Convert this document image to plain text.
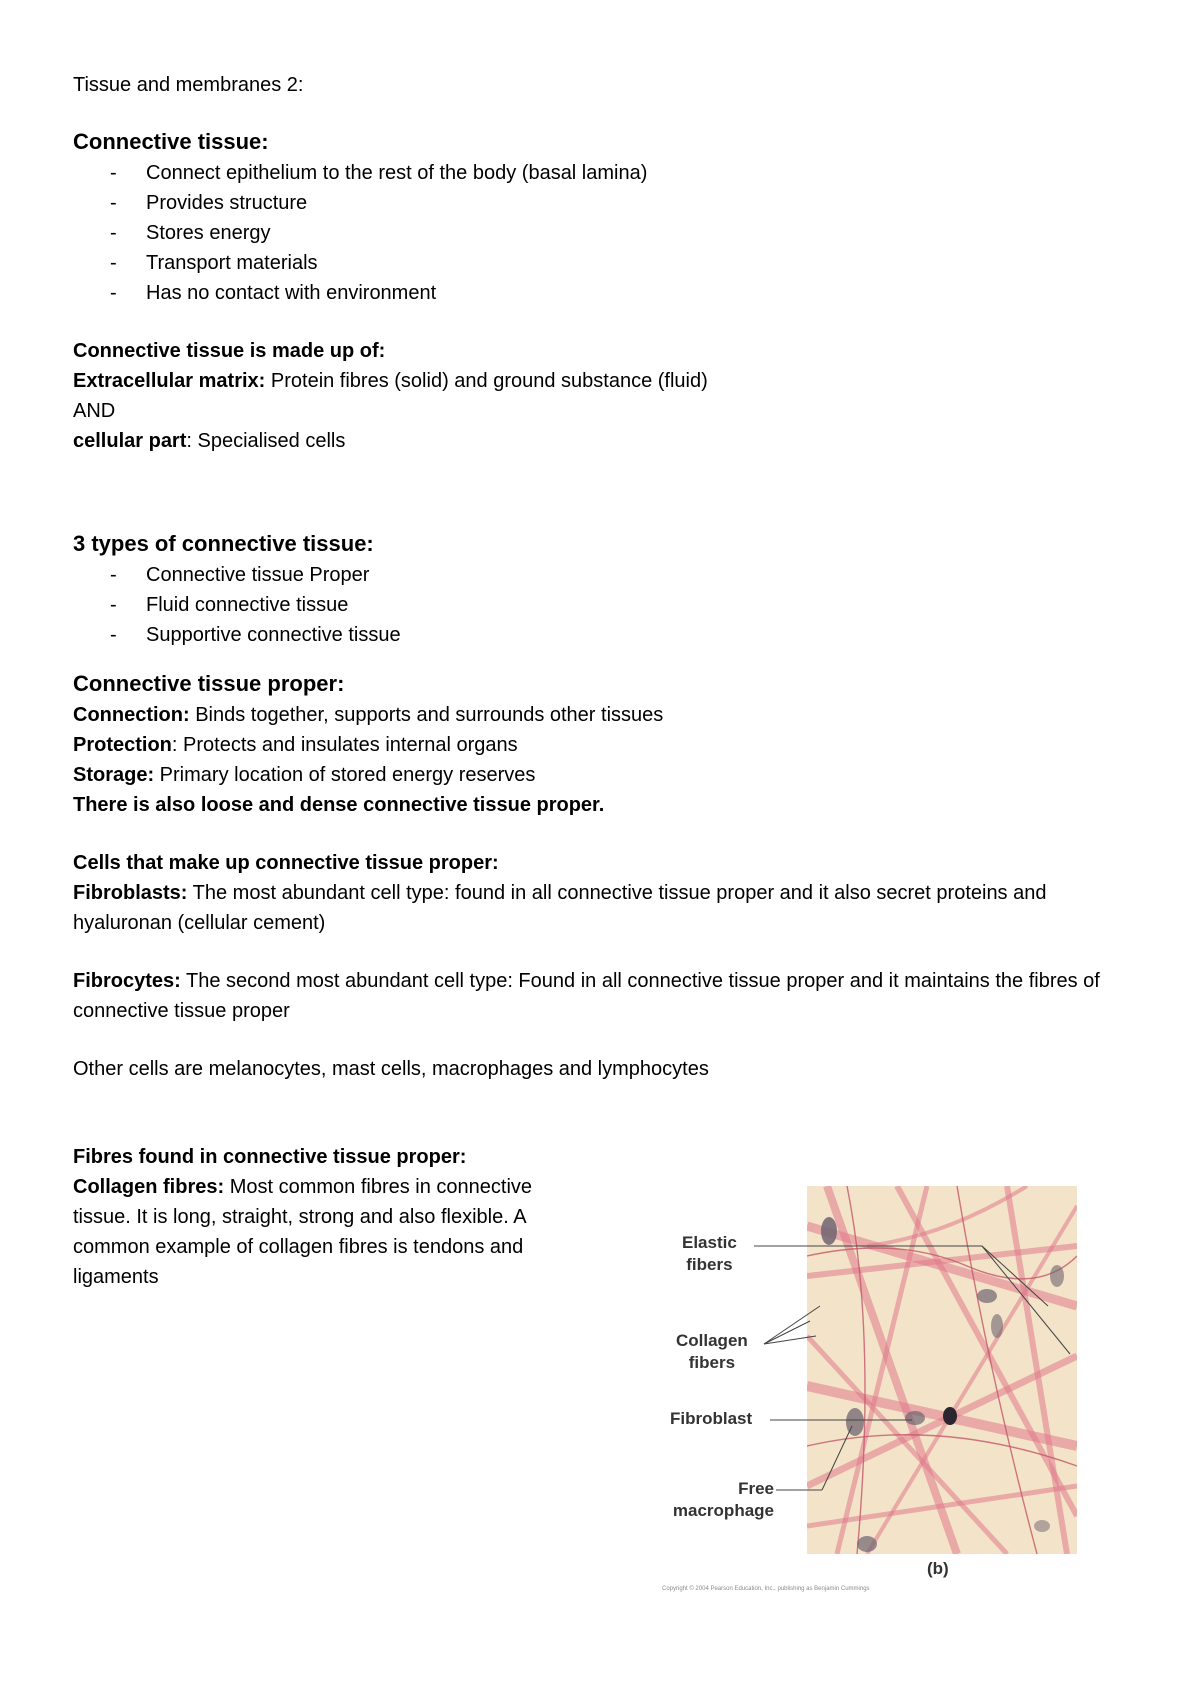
Tissue and membranes 2:
Connective tissue:
- Connect epithelium to the rest of the body (basal lamina)
- Provides structure
- Stores energy
- Transport materials
- Has no contact with environment
Connective tissue is made up of:
Extracellular matrix: Protein fibres (solid) and ground substance (fluid)
AND
cellular part: Specialised cells
3 types of connective tissue:
- Connective tissue Proper
- Fluid connective tissue
- Supportive connective tissue
Connective tissue proper:
Connection: Binds together, supports and surrounds other tissues
Protection: Protects and insulates internal organs
Storage: Primary location of stored energy reserves
There is also loose and dense connective tissue proper.
Cells that make up connective tissue proper:
Fibroblasts: The most abundant cell type: found in all connective tissue proper and it also secret proteins and hyaluronan (cellular cement)
Fibrocytes: The second most abundant cell type: Found in all connective tissue proper and it maintains the fibres of connective tissue proper
Other cells are melanocytes, mast cells, macrophages and lymphocytes
Fibres found in connective tissue proper:
Collagen fibres: Most common fibres in connective tissue. It is long, straight, strong and also flexible. A common example of collagen fibres is tendons and ligaments
Elastic
fibers
Collagen
fibers
Fibroblast
Free
macrophage
(b)
Copyright © 2004 Pearson Education, Inc., publishing as Benjamin Cummings
